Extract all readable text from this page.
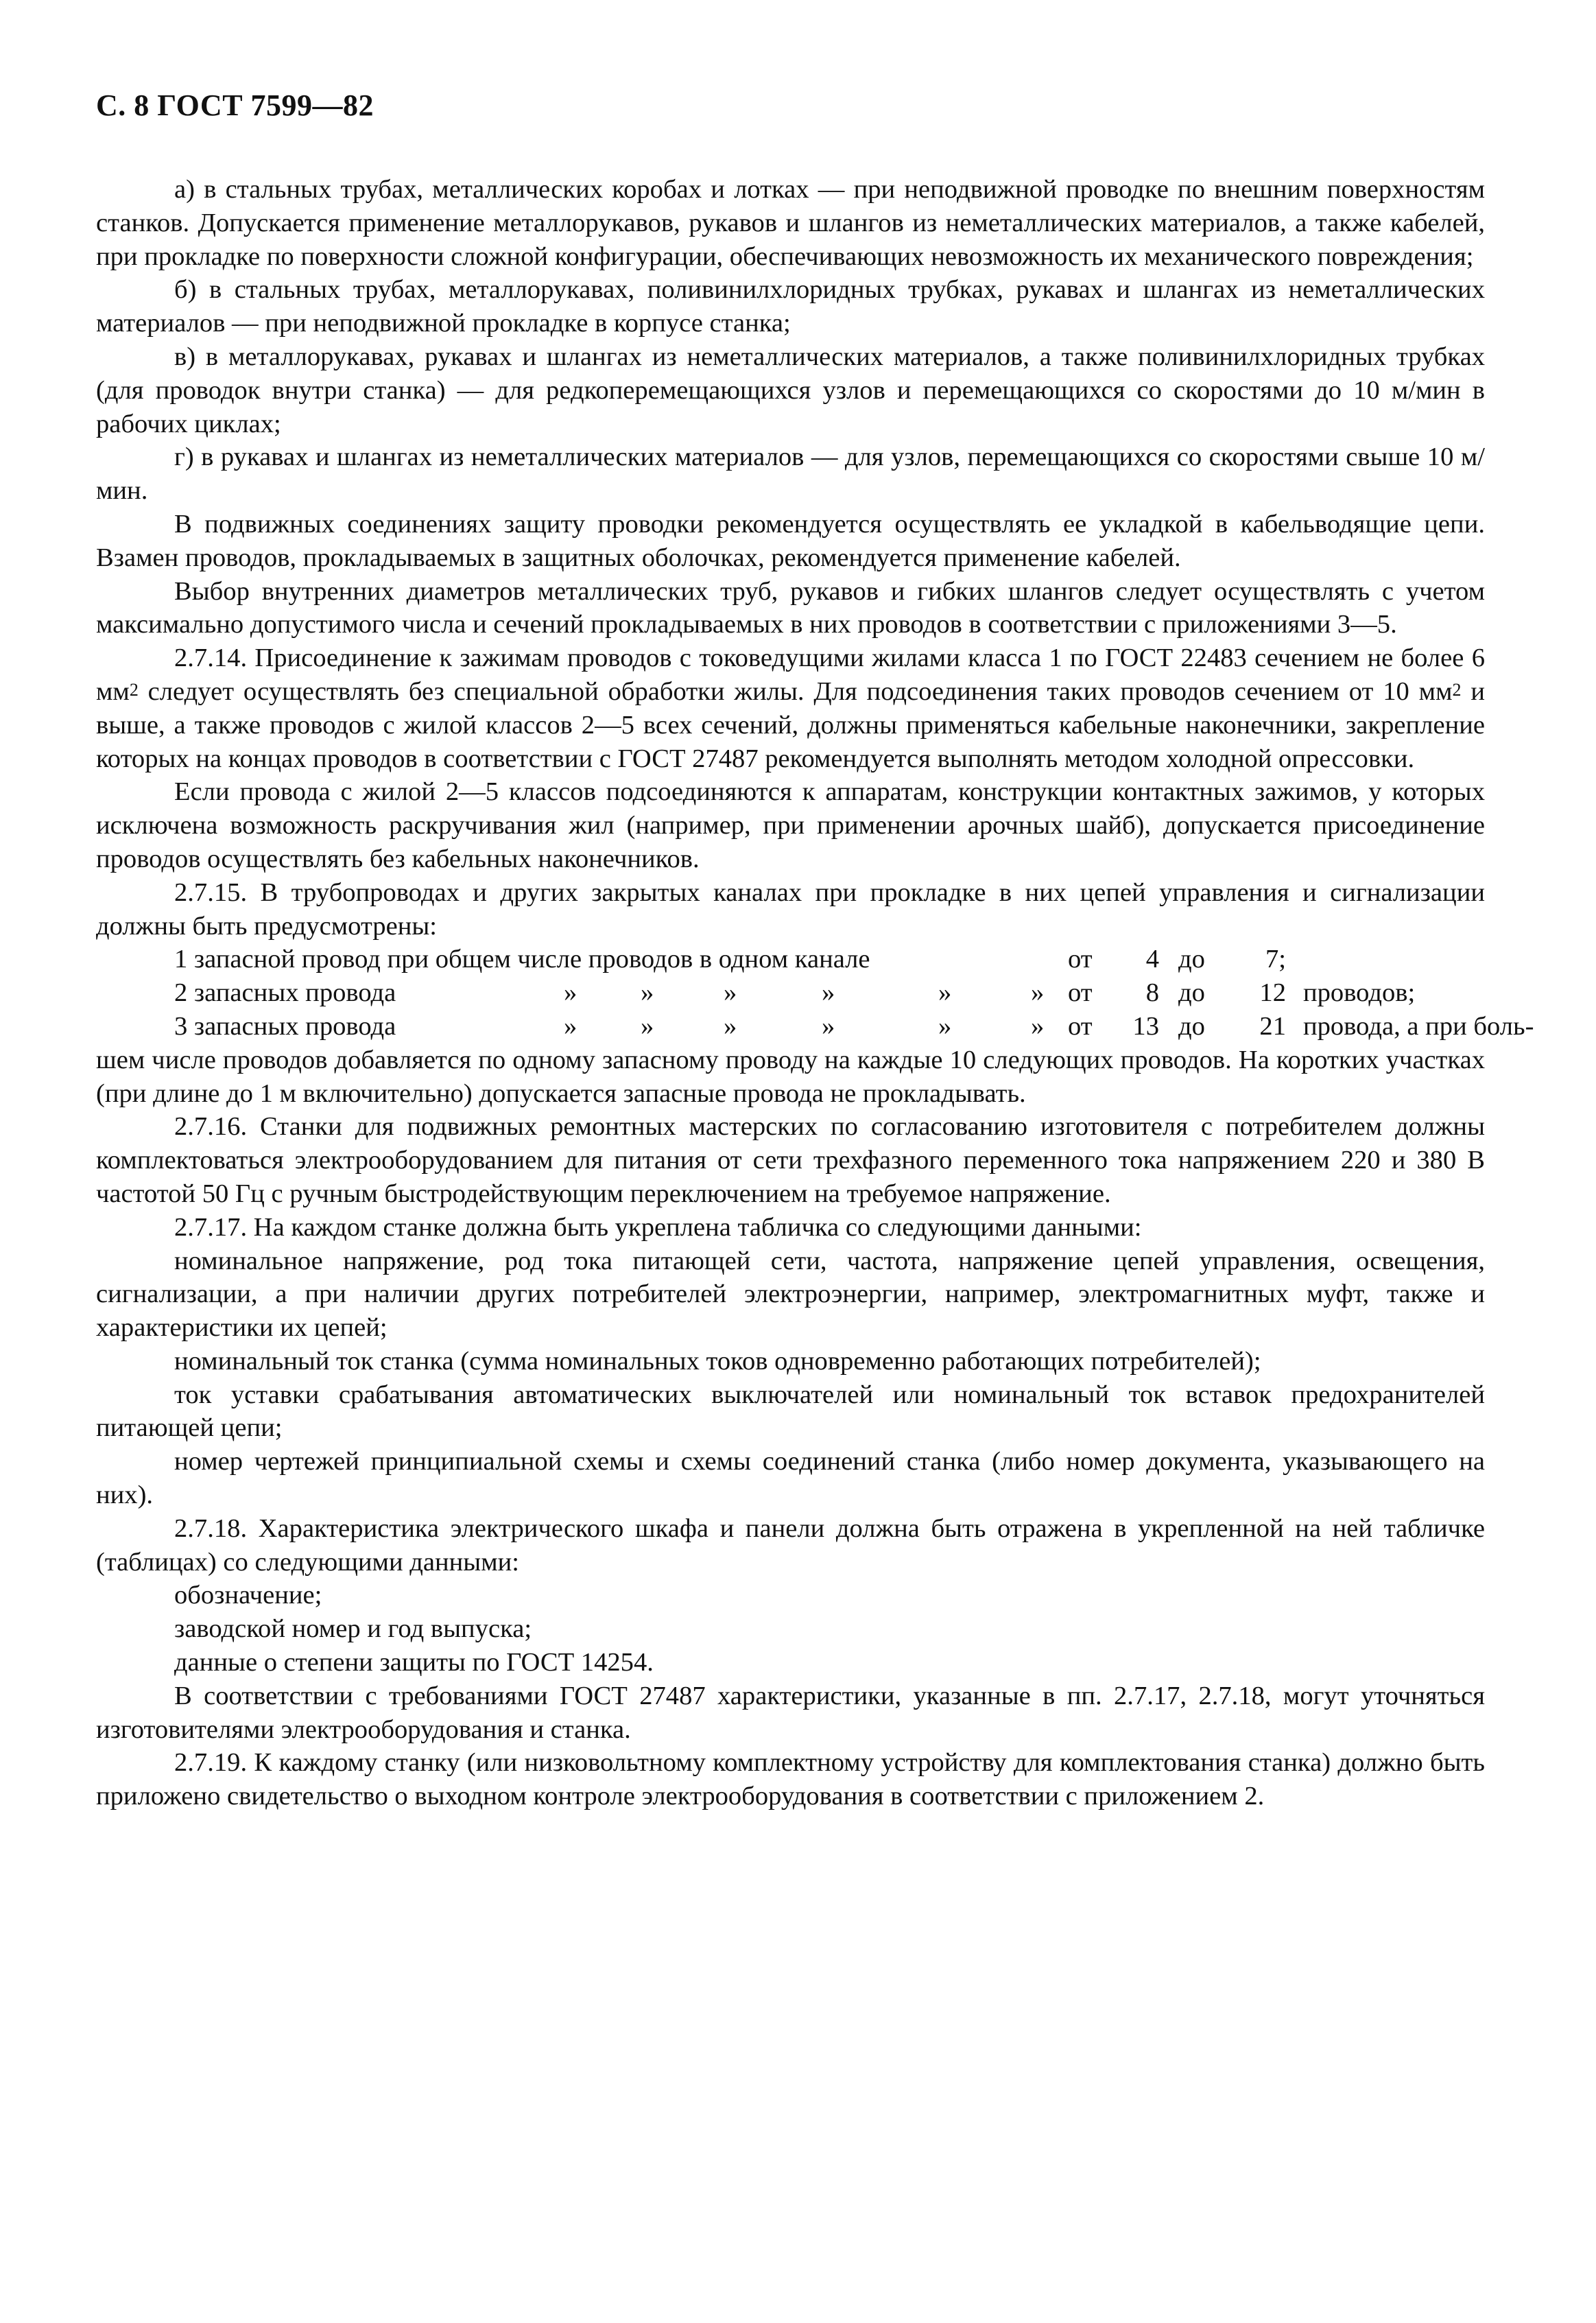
С. 8 ГОСТ 7599—82

а) в стальных трубах, металлических коробах и лотках — при неподвижной проводке по внешним поверхностям станков. Допускается применение металлорукавов, рукавов и шлангов из неметаллических материалов, а также кабелей, при прокладке по поверхности сложной конфигурации, обеспечивающих невозможность их механического повреждения;

б) в стальных трубах, металлорукавах, поливинилхлоридных трубках, рукавах и шлангах из неметаллических материалов — при неподвижной прокладке в корпусе станка;

в) в металлорукавах, рукавах и шлангах из неметаллических материалов, а также поливинилхлоридных трубках (для проводок внутри станка) — для редкоперемещающихся узлов и перемещающихся со скоростями до 10 м/мин в рабочих циклах;

г) в рукавах и шлангах из неметаллических материалов — для узлов, перемещающихся со скоростями свыше 10 м/мин.

В подвижных соединениях защиту проводки рекомендуется осуществлять ее укладкой в кабельводящие цепи. Взамен проводов, прокладываемых в защитных оболочках, рекомендуется применение кабелей.

Выбор внутренних диаметров металлических труб, рукавов и гибких шлангов следует осуществлять с учетом максимально допустимого числа и сечений прокладываемых в них проводов в соответствии с приложениями 3—5.

2.7.14. Присоединение к зажимам проводов с токоведущими жилами класса 1 по ГОСТ 22483 сечением не более 6 $мм^2$ следует осуществлять без специальной обработки жилы. Для подсоединения таких проводов сечением от 10 $мм^2$ и выше, а также проводов с жилой классов 2—5 всех сечений, должны применяться кабельные наконечники, закрепление которых на концах проводов в соответствии с ГОСТ 27487 рекомендуется выполнять методом холодной опрессовки.

Если провода с жилой 2—5 классов подсоединяются к аппаратам, конструкции контактных зажимов, у которых исключена возможность раскручивания жил (например, при применении арочных шайб), допускается присоединение проводов осуществлять без кабельных наконечников.

2.7.15. В трубопроводах и других закрытых каналах при прокладке в них цепей управления и сигнализации должны быть предусмотрены:

1 запасной провод при общем числе проводов в одном канале	от	4 до	7;
2 запасных провода	» »	»	»	»	» от	8 до	12 проводов;
3 запасных провода	» »	»	»	»	» от	13 до	21 провода, а при боль-

шем числе проводов добавляется по одному запасному проводу на каждые 10 следующих проводов. На коротких участках (при длине до 1 м включительно) допускается запасные провода не прокладывать.

2.7.16. Станки для подвижных ремонтных мастерских по согласованию изготовителя с потребителем должны комплектоваться электрооборудованием для питания от сети трехфазного переменного тока напряжением 220 и 380 В частотой 50 Гц с ручным быстродействующим переключением на требуемое напряжение.

2.7.17. На каждом станке должна быть укреплена табличка со следующими данными:

номинальное напряжение, род тока питающей сети, частота, напряжение цепей управления, освещения, сигнализации, а при наличии других потребителей электроэнергии, например, электромагнитных муфт, также и характеристики их цепей;

номинальный ток станка (сумма номинальных токов одновременно работающих потребителей);

ток уставки срабатывания автоматических выключателей или номинальный ток вставок предохранителей питающей цепи;

номер чертежей принципиальной схемы и схемы соединений станка (либо номер документа, указывающего на них).

2.7.18. Характеристика электрического шкафа и панели должна быть отражена в укрепленной на ней табличке (таблицах) со следующими данными:

обозначение;

заводской номер и год выпуска;

данные о степени защиты по ГОСТ 14254.

В соответствии с требованиями ГОСТ 27487 характеристики, указанные в пп. 2.7.17, 2.7.18, могут уточняться изготовителями электрооборудования и станка.

2.7.19. К каждому станку (или низковольтному комплектному устройству для комплектования станка) должно быть приложено свидетельство о выходном контроле электрооборудования в соответствии с приложением 2.
